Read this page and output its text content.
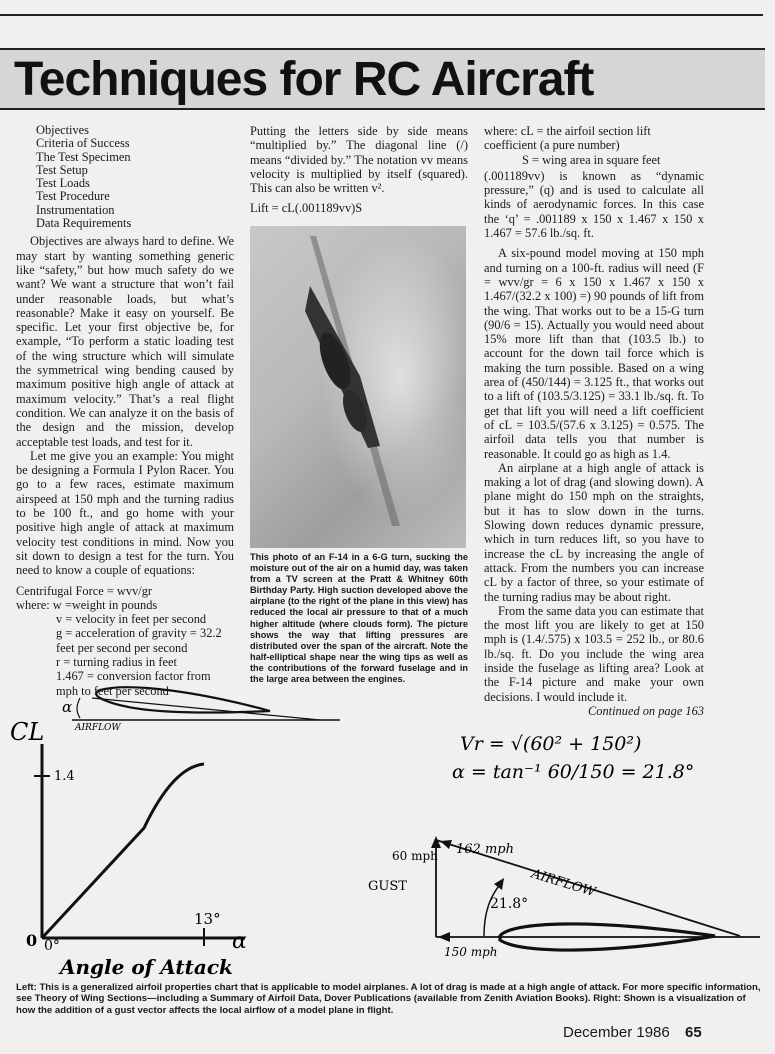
Techniques for RC Aircraft
Objectives
Criteria of Success
The Test Specimen
Test Setup
Test Loads
Test Procedure
Instrumentation
Data Requirements

Objectives are always hard to define. We may start by wanting something generic like “safety,” but how much safety do we want? We want a structure that won’t fail under reasonable loads, but what’s reasonable? Make it easy on yourself. Be specific. Let your first objective be, for example, “To perform a static loading test of the wing structure which will simulate the symmetrical wing bending caused by maximum positive high angle of attack at maximum velocity.” That’s a real flight condition. We can analyze it on the basis of the design and the mission, develop acceptable test loads, and test for it.

Let me give you an example: You might be designing a Formula I Pylon Racer. You go to a few races, estimate maximum airspeed at 150 mph and the turning radius to be 100 ft., and go home with your positive high angle of attack at maximum velocity test conditions in mind. Now you sit down to design a test for the turn. You need to know a couple of equations:

Centrifugal Force = wvv/gr

where: w =weight in pounds
v = velocity in feet per second
g = acceleration of gravity = 32.2 feet per second per second
r = turning radius in feet
1.467 = conversion factor from mph to feet per second

Putting the letters side by side means “multiplied by.” The diagonal line (/) means “divided by.” The notation vv means velocity is multiplied by itself (squared). This can also be written v².

Lift = cL(.001189vv)S

This photo of an F-14 in a 6-G turn, sucking the moisture out of the air on a humid day, was taken from a TV screen at the Pratt & Whitney 60th Birthday Party. High suction developed above the airplane (to the right of the plane in this view) has reduced the local air pressure to that of a much higher altitude (where clouds form). The picture shows the way that lifting pressures are distributed over the span of the aircraft. Note the half-elliptical shape near the wing tips as well as the contributions of the forward fuselage and in the large area between the engines.
where: cL = the airfoil section lift coefficient (a pure number)
S = wing area in square feet

(.001189vv) is known as “dynamic pressure,” (q) and is used to calculate all kinds of aerodynamic forces. In this case the ‘q’ = .001189 x 150 x 1.467 x 150 x 1.467 = 57.6 lb./sq. ft.

A six-pound model moving at 150 mph and turning on a 100-ft. radius will need (F = wvv/gr = 6 x 150 x 1.467 x 150 x 1.467/(32.2 x 100) =) 90 pounds of lift from the wing. That works out to be a 15-G turn (90/6 = 15). Actually you would need about 15% more lift than that (103.5 lb.) to account for the down tail force which is making the turn possible. Based on a wing area of (450/144) = 3.125 ft., that works out to a lift of (103.5/3.125) = 33.1 lb./sq. ft. To get that lift you will need a lift coefficient of cL = 103.5/(57.6 x 3.125) = 0.575. The airfoil data tells you that number is reasonable. It could go as high as 1.4.

An airplane at a high angle of attack is making a lot of drag (and slowing down). A plane might do 150 mph on the straights, but it has to slow down in the turns. Slowing down reduces dynamic pressure, which in turn reduces lift, so you have to increase the cL by increasing the angle of attack. From the numbers you can increase cL by a factor of three, so your estimate of the turning radius may be about right.

From the same data you can estimate that the most lift you are likely to get at 150 mph is (1.4/.575) x 103.5 = 252 lb., or 80.6 lb./sq. ft. Do you include the wing area inside the fuselage as lifting area? Look at the F-14 picture and make your own decisions. I would include it.

Continued on page 163

α
AIRFLOW
CL
1.4
13°
0 0°	α
Angle of Attack
Vr = √(60² + 150²)
α = tan⁻¹ 60/150 = 21.8°
162 mph
60 mph
GUST	AIRFLOW
21.8°
150 mph
Left: This is a generalized airfoil properties chart that is applicable to model airplanes. A lot of drag is made at a high angle of attack. For more specific information, see Theory of Wing Sections—including a Summary of Airfoil Data, Dover Publications (available from Zenith Aviation Books). Right: Shown is a visualization of how the addition of a gust vector affects the local airflow of a model plane in flight.
December 1986 65
